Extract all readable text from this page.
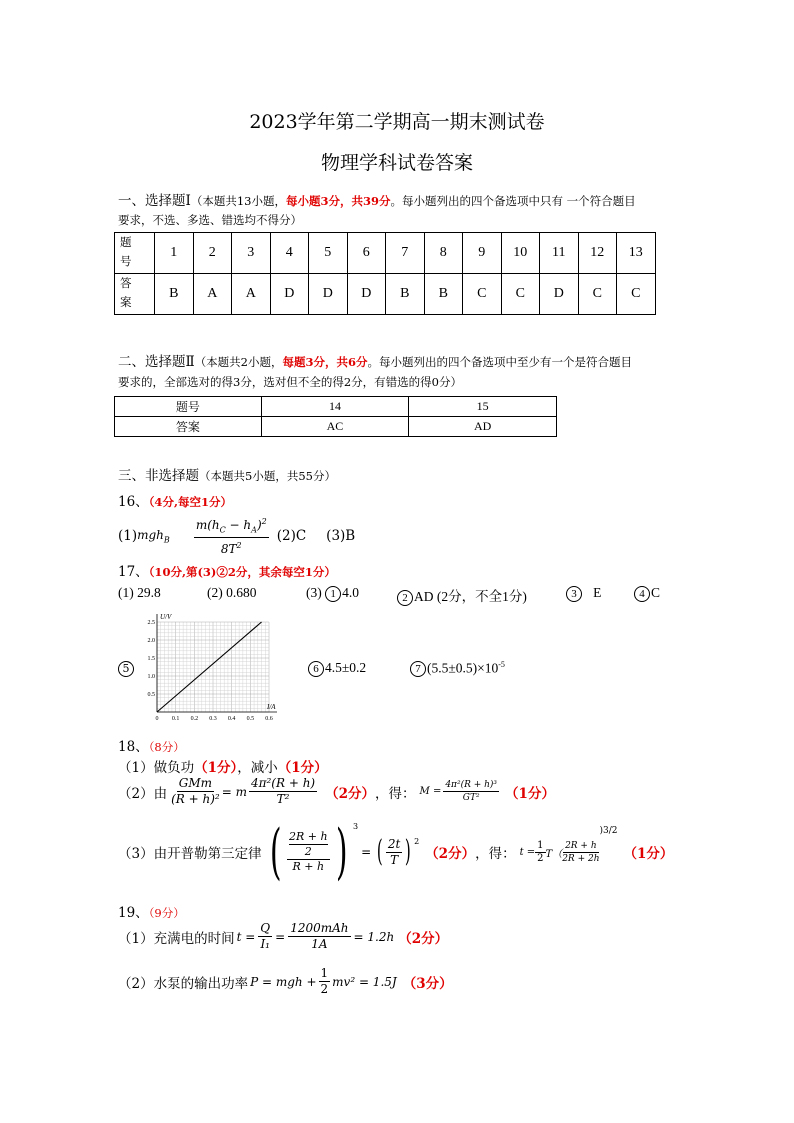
2023学年第二学期高一期末测试卷
物理学科试卷答案
一、选择题Ⅰ（本题共13小题，每小题3分，共39分。每小题列出的四个备选项中只有 一个符合题目
要求，不选、多选、错选均不得分）
题
号	1	2	3	4	5	6	7	8	9	10	11	12	13
答
案	B	A	A	D	D	D	B	B	C	C	D	C	C
二、选择题Ⅱ（本题共2小题，每题3分，共6分。每小题列出的四个备选项中至少有一个是符合题目
要求的，全部选对的得3分，选对但不全的得2分，有错选的得0分）
题号	14	15
答案	AC	AD
三、非选择题（本题共5小题，共55分）
16、（4分,每空1分）
(1) $mgh_B \frac{m(h_C - h_A)^2}{8T^2} (2)C$ (3)B
17、（10分,第(3)②2分，其余每空1分）
(1) 29.8	(2) 0.680	(3) 1 4.0	2 AD (2分，不全1分)	3 E	4 C
5
0 0.1 0.2 0.3 0.4 0.5 0.6
0.5
1.0
1.5
2.0
2.5
U/V
I/A
6 4.5±0.2	7 $(5.5\pm 0.5)\times 10^{-5}$
18、（8分）
（1）做负功（1分），减小（1分）
（2）由 $\frac{\text{GMm}}{\text{(R + h)²}} = m \frac{\text{4π²(R + h)}}{\text{T²}} (2$分） ，得： $M = \frac{\text{4π²(R + h)³}}{\text{GT²}} (1$分）
（3）由开普勒第三定律 ( 2R + h
2
R + h ) $^3$
= ( $\frac{2t}{T}$ ) $^2$
（2分） ，得： $t = \frac{1}{2} T( \frac{2R + h}{2R + 2h}$
)3/2
（1分）
19、（9分）
（1）充满电的时间 $t = \frac{Q}{\text{I₁}} = \frac{\text{1200mAh}}{1A} = 1.2h$ （2分）
（2）水泵的输出功率 P = mgh + $\frac{1}{2} mv^2 = 1.5J$ （3分）
